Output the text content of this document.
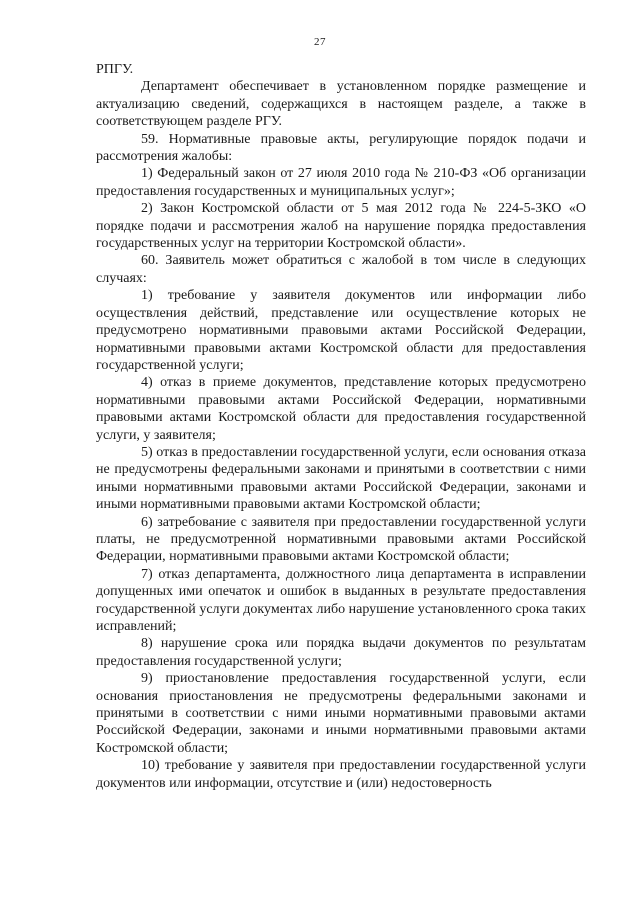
27

РПГУ.

Департамент обеспечивает в установленном порядке размещение и актуализацию сведений, содержащихся в настоящем разделе, а также в соответствующем разделе РГУ.

59. Нормативные правовые акты, регулирующие порядок подачи и рассмотрения жалобы:

1) Федеральный закон от 27 июля 2010 года № 210-ФЗ «Об организации предоставления государственных и муниципальных услуг»;

2) Закон Костромской области от 5 мая 2012 года № 224-5-ЗКО «О порядке подачи и рассмотрения жалоб на нарушение порядка предоставления государственных услуг на территории Костромской области».

60. Заявитель может обратиться с жалобой в том числе в следующих случаях:

1) требование у заявителя документов или информации либо осуществления действий, представление или осуществление которых не предусмотрено нормативными правовыми актами Российской Федерации, нормативными правовыми актами Костромской области для предоставления государственной услуги;

4) отказ в приеме документов, представление которых предусмотрено нормативными правовыми актами Российской Федерации, нормативными правовыми актами Костромской области для предоставления государственной услуги, у заявителя;

5) отказ в предоставлении государственной услуги, если основания отказа не предусмотрены федеральными законами и принятыми в соответствии с ними иными нормативными правовыми актами Российской Федерации, законами и иными нормативными правовыми актами Костромской области;

6) затребование с заявителя при предоставлении государственной услуги платы, не предусмотренной нормативными правовыми актами Российской Федерации, нормативными правовыми актами Костромской области;

7) отказ департамента, должностного лица департамента в исправлении допущенных ими опечаток и ошибок в выданных в результате предоставления государственной услуги документах либо нарушение установленного срока таких исправлений;

8) нарушение срока или порядка выдачи документов по результатам предоставления государственной услуги;

9) приостановление предоставления государственной услуги, если основания приостановления не предусмотрены федеральными законами и принятыми в соответствии с ними иными нормативными правовыми актами Российской Федерации, законами и иными нормативными правовыми актами Костромской области;

10) требование у заявителя при предоставлении государственной услуги документов или информации, отсутствие и (или) недостоверность
